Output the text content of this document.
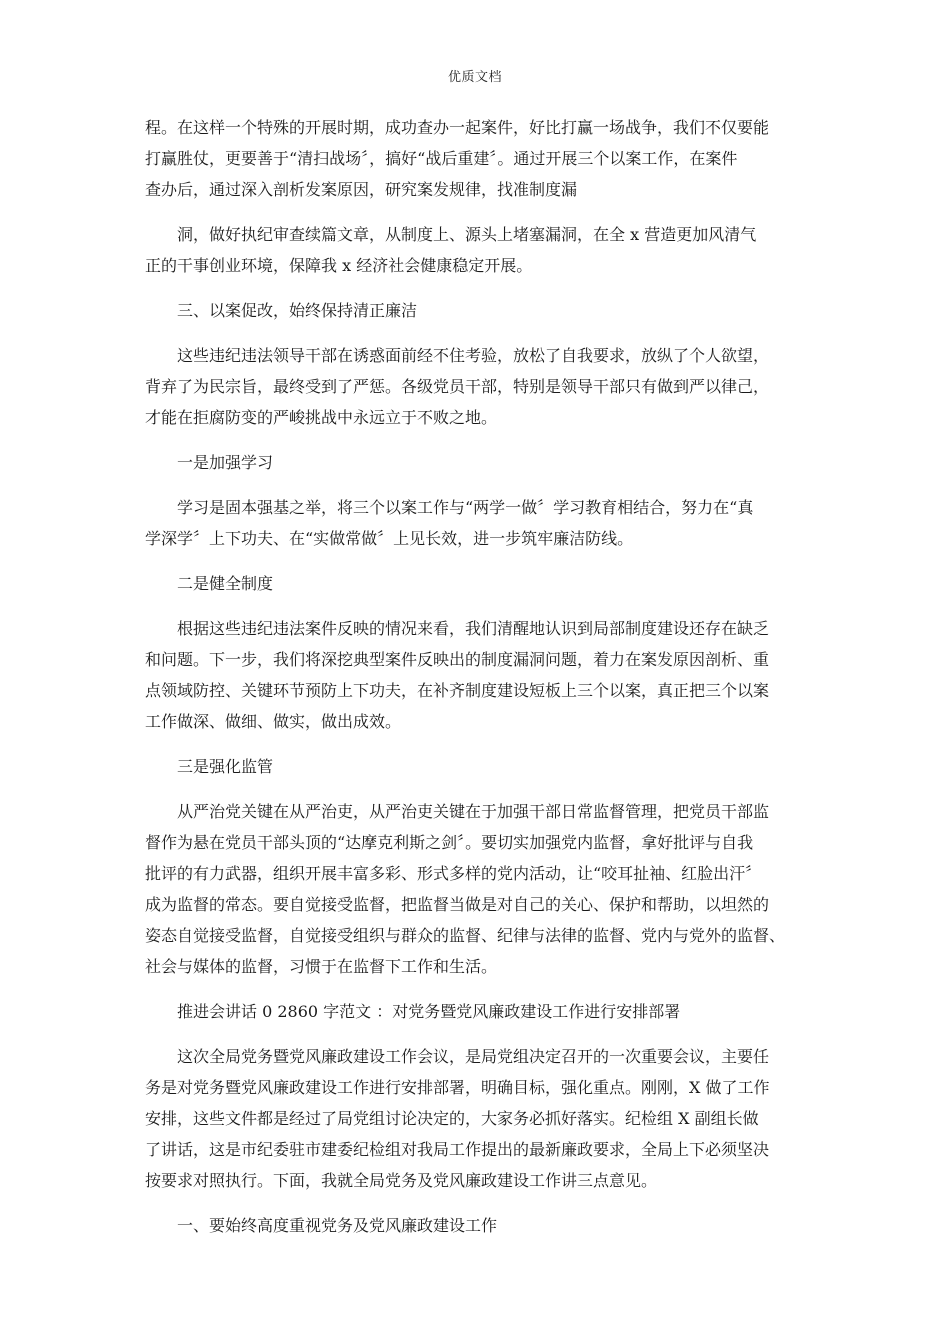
优质文档

程。在这样一个特殊的开展时期，成功查办一起案件，好比打赢一场战争，我们不仅要能
打赢胜仗，更要善于“清扫战场〞，搞好“战后重建〞。通过开展三个以案工作，在案件
查办后，通过深入剖析发案原因，研究案发规律，找准制度漏

洞，做好执纪审查续篇文章，从制度上、源头上堵塞漏洞，在全 x 营造更加风清气
正的干事创业环境，保障我 x 经济社会健康稳定开展。

三、以案促改，始终保持清正廉洁

这些违纪违法领导干部在诱惑面前经不住考验，放松了自我要求，放纵了个人欲望，
背弃了为民宗旨，最终受到了严惩。各级党员干部，特别是领导干部只有做到严以律己，
才能在拒腐防变的严峻挑战中永远立于不败之地。

一是加强学习

学习是固本强基之举，将三个以案工作与“两学一做〞学习教育相结合，努力在“真
学深学〞上下功夫、在“实做常做〞上见长效，进一步筑牢廉洁防线。

二是健全制度

根据这些违纪违法案件反映的情况来看，我们清醒地认识到局部制度建设还存在缺乏
和问题。下一步，我们将深挖典型案件反映出的制度漏洞问题，着力在案发原因剖析、重
点领域防控、关键环节预防上下功夫，在补齐制度建设短板上三个以案，真正把三个以案
工作做深、做细、做实，做出成效。

三是强化监管

从严治党关键在从严治吏，从严治吏关键在于加强干部日常监督管理，把党员干部监
督作为悬在党员干部头顶的“达摩克利斯之剑〞。要切实加强党内监督，拿好批评与自我
批评的有力武器，组织开展丰富多彩、形式多样的党内活动，让“咬耳扯袖、红脸出汗〞
成为监督的常态。要自觉接受监督，把监督当做是对自己的关心、保护和帮助，以坦然的
姿态自觉接受监督，自觉接受组织与群众的监督、纪律与法律的监督、党内与党外的监督、
社会与媒体的监督，习惯于在监督下工作和生活。

推进会讲话 0 2860 字范文 ：对党务暨党风廉政建设工作进行安排部署

这次全局党务暨党风廉政建设工作会议，是局党组决定召开的一次重要会议，主要任
务是对党务暨党风廉政建设工作进行安排部署，明确目标，强化重点。刚刚，X 做了工作
安排，这些文件都是经过了局党组讨论决定的，大家务必抓好落实。纪检组 X 副组长做
了讲话，这是市纪委驻市建委纪检组对我局工作提出的最新廉政要求，全局上下必须坚决
按要求对照执行。下面，我就全局党务及党风廉政建设工作讲三点意见。

一、要始终高度重视党务及党风廉政建设工作
